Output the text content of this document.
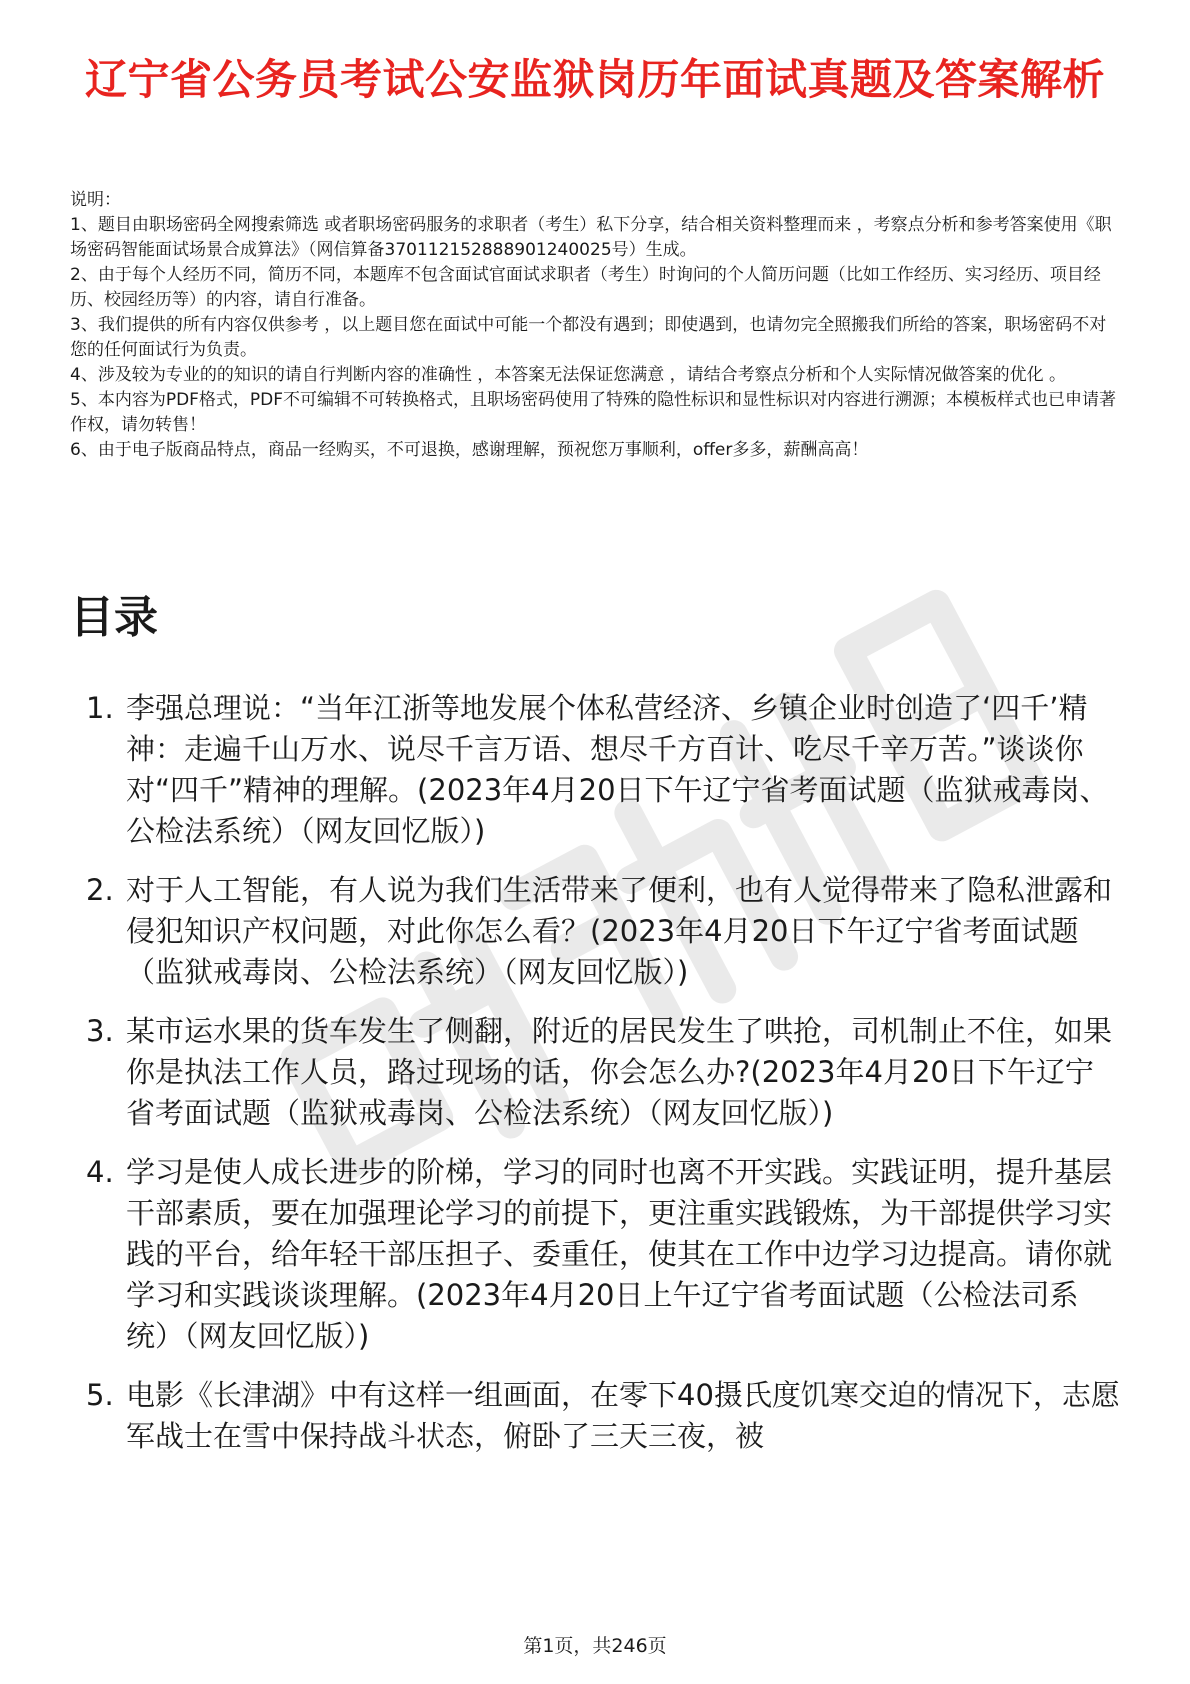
辽宁省公务员考试公安监狱岗历年面试真题及答案解析
说明：
1、题目由职场密码全网搜索筛选 或者职场密码服务的求职者（考生）私下分享，结合相关资料整理而来 ，考察点分析和参考答案使用《职场密码智能面试场景合成算法》（网信算备370112152888901240025号）生成。
2、由于每个人经历不同，简历不同，本题库不包含面试官面试求职者（考生）时询问的个人简历问题（比如工作经历、实习经历、项目经历、校园经历等）的内容，请自行准备。
3、我们提供的所有内容仅供参考 ，以上题目您在面试中可能一个都没有遇到；即使遇到，也请勿完全照搬我们所给的答案，职场密码不对您的任何面试行为负责。
4、涉及较为专业的的知识的请自行判断内容的准确性 ，本答案无法保证您满意 ，请结合考察点分析和个人实际情况做答案的优化 。
5、本内容为PDF格式，PDF不可编辑不可转换格式，且职场密码使用了特殊的隐性标识和显性标识对内容进行溯源；本模板样式也已申请著作权，请勿转售！
6、由于电子版商品特点，商品一经购买，不可退换，感谢理解，预祝您万事顺利，offer多多，薪酬高高！
目录
1. 李强总理说：“当年江浙等地发展个体私营经济、乡镇企业时创造了‘四千’精神：走遍千山万水、说尽千言万语、想尽千方百计、吃尽千辛万苦。”谈谈你对“四千”精神的理解。(2023年4月20日下午辽宁省考面试题（监狱戒毒岗、公检法系统）（网友回忆版）)
2. 对于人工智能，有人说为我们生活带来了便利，也有人觉得带来了隐私泄露和侵犯知识产权问题，对此你怎么看？(2023年4月20日下午辽宁省考面试题（监狱戒毒岗、公检法系统）（网友回忆版）)
3. 某市运水果的货车发生了侧翻，附近的居民发生了哄抢，司机制止不住，如果你是执法工作人员，路过现场的话，你会怎么办?(2023年4月20日下午辽宁省考面试题（监狱戒毒岗、公检法系统）（网友回忆版）)
4. 学习是使人成长进步的阶梯，学习的同时也离不开实践。实践证明，提升基层干部素质，要在加强理论学习的前提下，更注重实践锻炼，为干部提供学习实践的平台，给年轻干部压担子、委重任，使其在工作中边学习边提高。请你就学习和实践谈谈理解。(2023年4月20日上午辽宁省考面试题（公检法司系统）（网友回忆版）)
5. 电影《长津湖》中有这样一组画面，在零下40摄氏度饥寒交迫的情况下，志愿军战士在雪中保持战斗状态，俯卧了三天三夜，被
第1页，共246页
